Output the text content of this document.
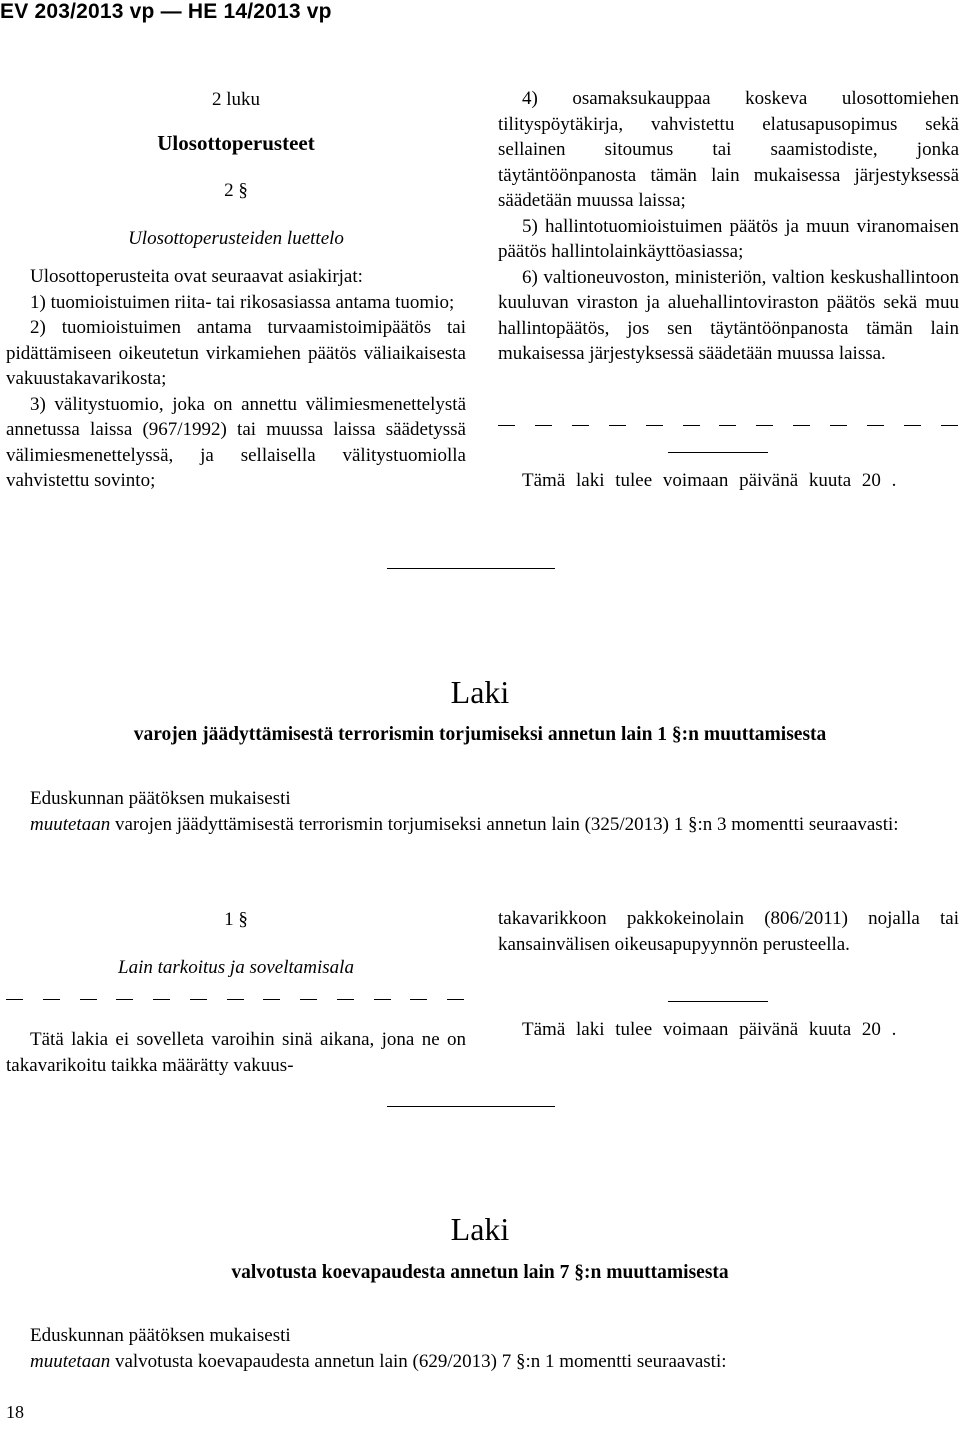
EV 203/2013 vp — HE 14/2013 vp
2 luku
Ulosottoperusteet
2 §
Ulosottoperusteiden luettelo

Ulosottoperusteita ovat seuraavat asiakirjat:

1) tuomioistuimen riita- tai rikosasiassa antama tuomio;

2) tuomioistuimen antama turvaamistoimipäätös tai pidättämiseen oikeutetun virkamiehen päätös väliaikaisesta vakuustakavarikosta;

3) välitystuomio, joka on annettu välimiesmenettelystä annetussa laissa (967/1992) tai muussa laissa säädetyssä välimiesmenettelyssä, ja sellaisella välitystuomiolla vahvistettu sovinto;

4) osamaksukauppaa koskeva ulosottomiehen tilityspöytäkirja, vahvistettu elatusapusopimus sekä sellainen sitoumus tai saamistodiste, jonka täytäntöönpanosta tämän lain mukaisessa järjestyksessä säädetään muussa laissa;

5) hallintotuomioistuimen päätös ja muun viranomaisen päätös hallintolainkäyttöasiassa;

6) valtioneuvoston, ministeriön, valtion keskushallintoon kuuluvan viraston ja aluehallintoviraston päätös sekä muu hallintopäätös, jos sen täytäntöönpanosta tämän lain mukaisessa järjestyksessä säädetään muussa laissa.

Tämä laki tulee voimaan päivänä kuuta 20 .

Laki
varojen jäädyttämisestä terrorismin torjumiseksi annetun lain 1 §:n muuttamisesta

Eduskunnan päätöksen mukaisesti

muutetaan varojen jäädyttämisestä terrorismin torjumiseksi annetun lain (325/2013) 1 §:n 3 momentti seuraavasti:

1 §
Lain tarkoitus ja soveltamisala

Tätä lakia ei sovelleta varoihin sinä aikana, jona ne on takavarikoitu taikka määrätty vakuus-

takavarikkoon pakkokeinolain (806/2011) nojalla tai kansainvälisen oikeusapupyynnön perusteella.

Tämä laki tulee voimaan päivänä kuuta 20 .

Laki
valvotusta koevapaudesta annetun lain 7 §:n muuttamisesta

Eduskunnan päätöksen mukaisesti

muutetaan valvotusta koevapaudesta annetun lain (629/2013) 7 §:n 1 momentti seuraavasti:

18
